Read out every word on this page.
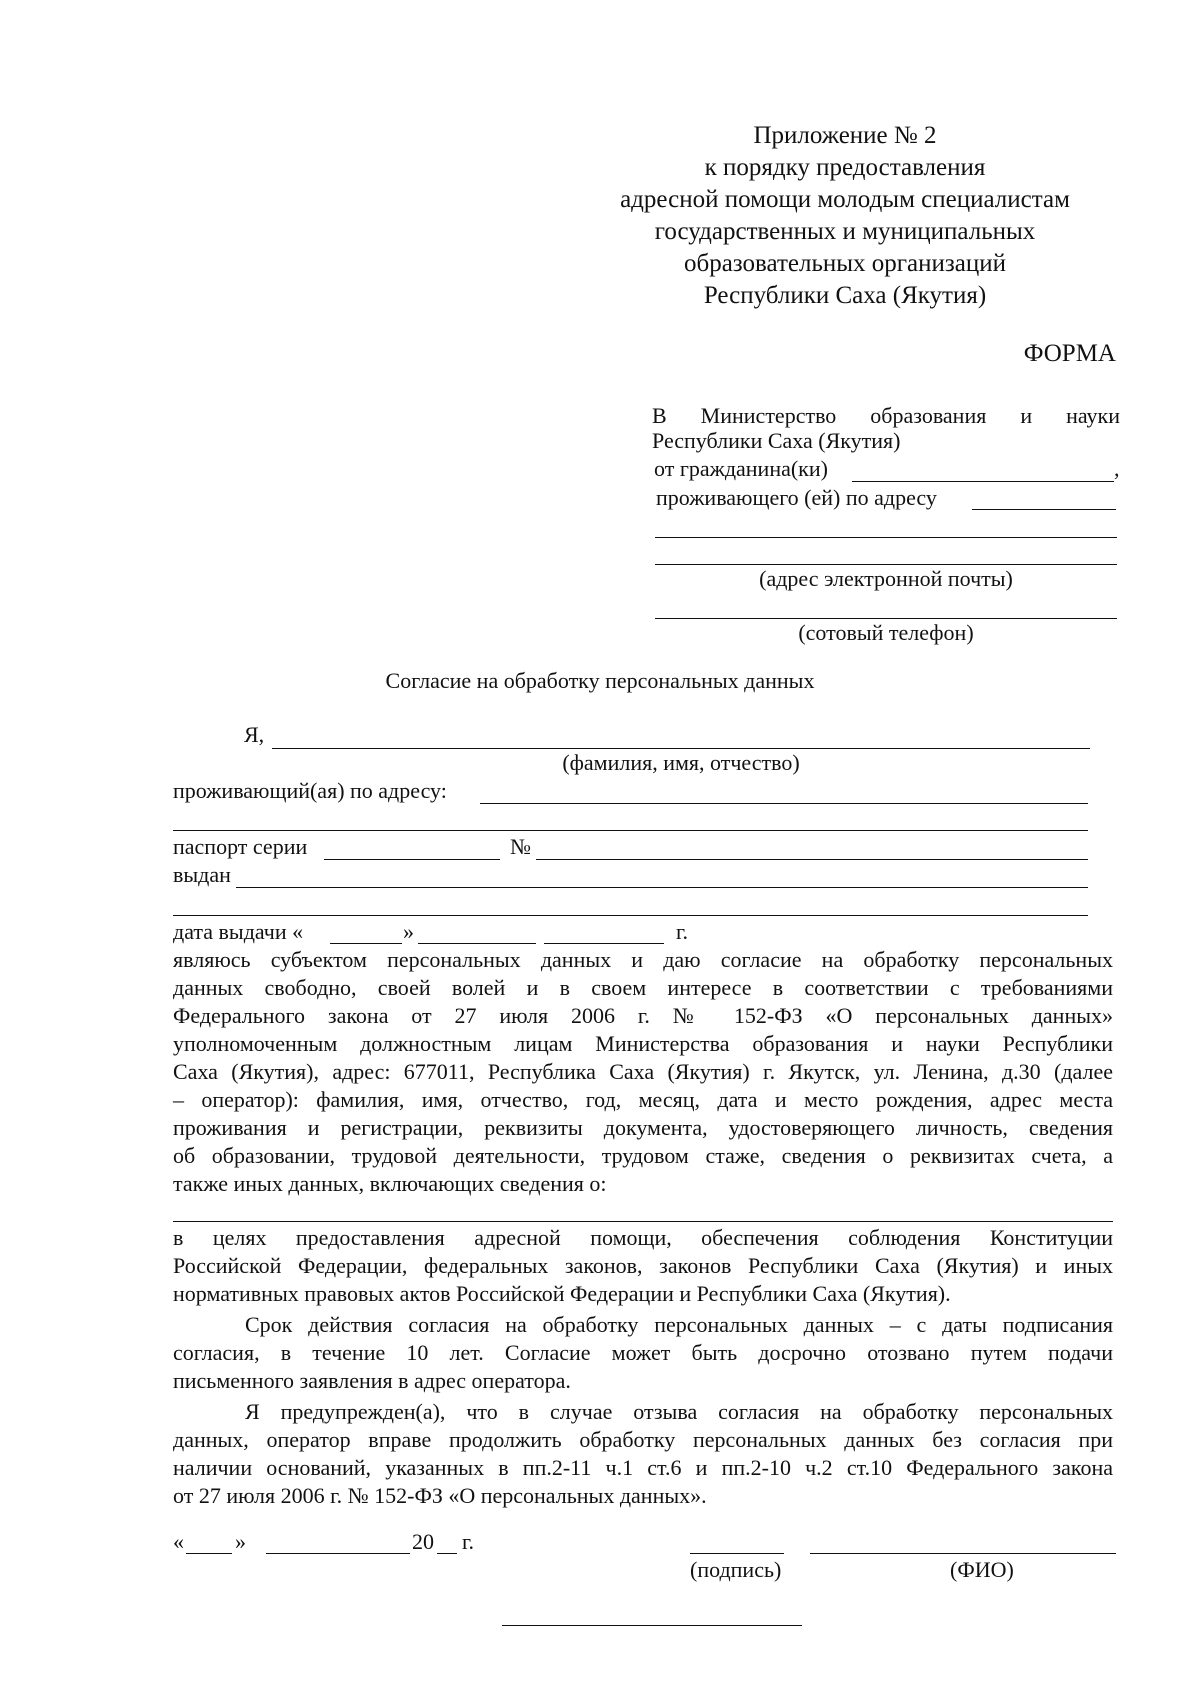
Приложение № 2
к порядку предоставления
адресной помощи молодым специалистам
государственных и муниципальных
образовательных организаций
Республики Саха (Якутия)
ФОРМА
В Министерство образования и науки
Республики Саха (Якутия)
от гражданина(ки)	,
проживающего (ей) по адресу
(адрес электронной почты)
(сотовый телефон)
Согласие на обработку персональных данных
Я,
(фамилия, имя, отчество)
проживающий(ая) по адресу:
паспорт серии	№
выдан
дата выдачи «	»	г.
являюсь субъектом персональных данных и даю согласие на обработку персональных
данных свободно, своей волей и в своем интересе в соответствии с требованиями
Федерального закона от 27 июля 2006 г. № 152-ФЗ «О персональных данных»
уполномоченным должностным лицам Министерства образования и науки Республики
Саха (Якутия), адрес: 677011, Республика Саха (Якутия) г. Якутск, ул. Ленина, д.30 (далее
– оператор): фамилия, имя, отчество, год, месяц, дата и место рождения, адрес места
проживания и регистрации, реквизиты документа, удостоверяющего личность, сведения
об образовании, трудовой деятельности, трудовом стаже, сведения о реквизитах счета, а
также иных данных, включающих сведения о:
в целях предоставления адресной помощи, обеспечения соблюдения Конституции
Российской Федерации, федеральных законов, законов Республики Саха (Якутия) и иных
нормативных правовых актов Российской Федерации и Республики Саха (Якутия).
Срок действия согласия на обработку персональных данных – с даты подписания
согласия, в течение 10 лет. Согласие может быть досрочно отозвано путем подачи
письменного заявления в адрес оператора.
Я предупрежден(а), что в случае отзыва согласия на обработку персональных
данных, оператор вправе продолжить обработку персональных данных без согласия при
наличии оснований, указанных в пп.2-11 ч.1 ст.6 и пп.2-10 ч.2 ст.10 Федерального закона
от 27 июля 2006 г. № 152-ФЗ «О персональных данных».
« »	20 г.
(подпись)	(ФИО)
